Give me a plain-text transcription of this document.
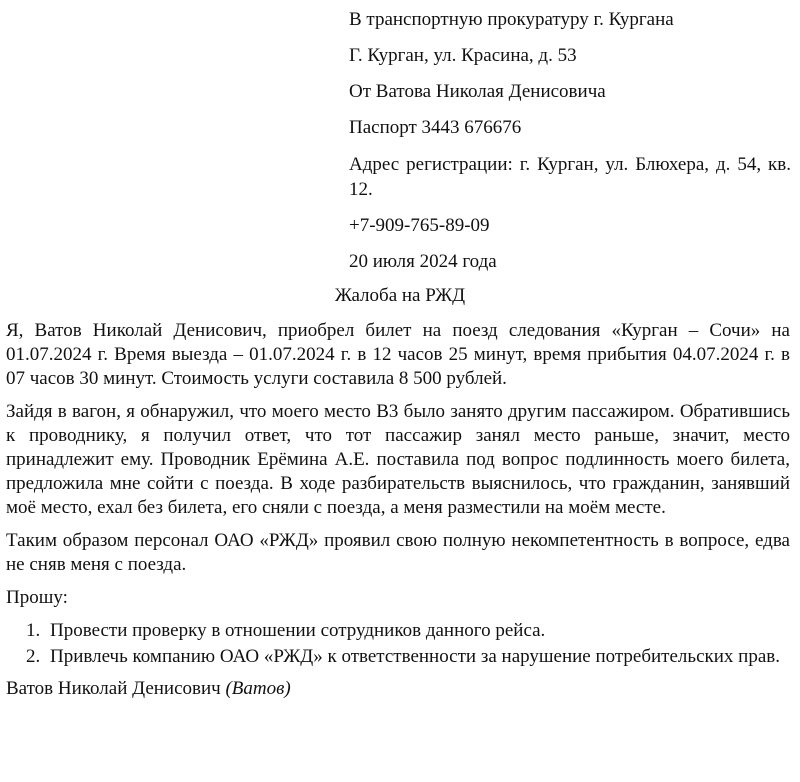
В транспортную прокуратуру г. Кургана

Г. Курган, ул. Красина, д. 53

От Ватова Николая Денисовича

Паспорт 3443 676676

Адрес регистрации: г. Курган, ул. Блюхера, д. 54, кв. 12.

+7-909-765-89-09

20 июля 2024 года

Жалоба на РЖД

Я, Ватов Николай Денисович, приобрел билет на поезд следования «Курган – Сочи» на 01.07.2024 г. Время выезда – 01.07.2024 г. в 12 часов 25 минут, время прибытия 04.07.2024 г. в 07 часов 30 минут. Стоимость услуги составила 8 500 рублей.

Зайдя в вагон, я обнаружил, что моего место В3 было занято другим пассажиром. Обратившись к проводнику, я получил ответ, что тот пассажир занял место раньше, значит, место принадлежит ему. Проводник Ерёмина А.Е. поставила под вопрос подлинность моего билета, предложила мне сойти с поезда. В ходе разбирательств выяснилось, что гражданин, занявший моё место, ехал без билета, его сняли с поезда, а меня разместили на моём месте.

Таким образом персонал ОАО «РЖД» проявил свою полную некомпетентность в вопросе, едва не сняв меня с поезда.

Прошу:

1. Провести проверку в отношении сотрудников данного рейса.
2. Привлечь компанию ОАО «РЖД» к ответственности за нарушение потребительских прав.

Ватов Николай Денисович (Ватов)
